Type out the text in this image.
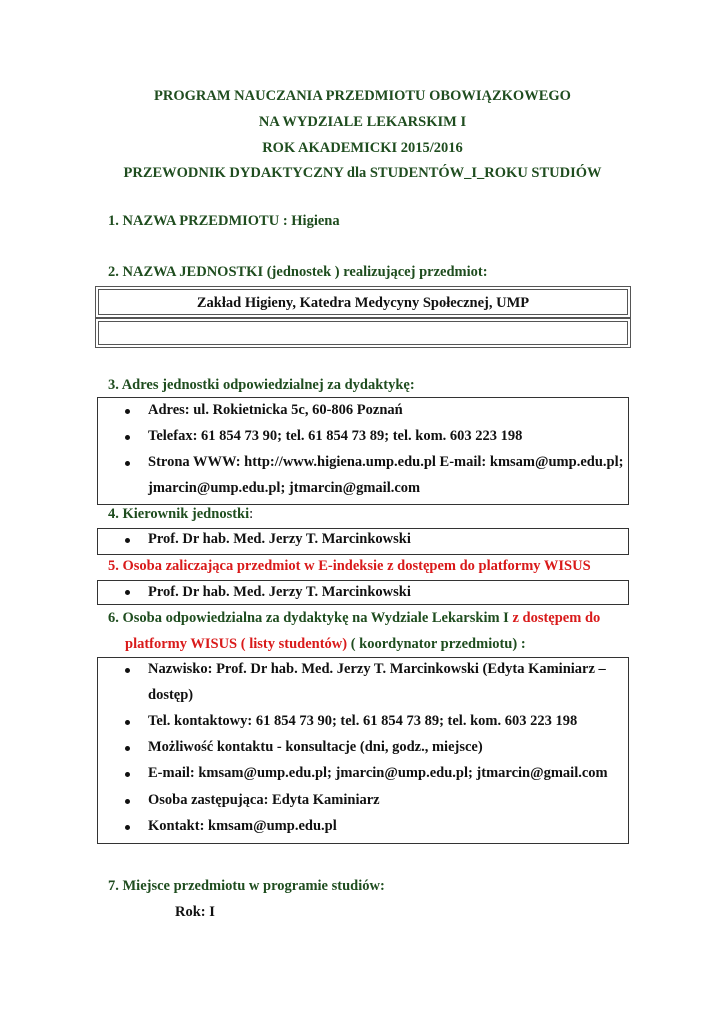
PROGRAM NAUCZANIA PRZEDMIOTU OBOWIĄZKOWEGO
NA WYDZIALE LEKARSKIM I
ROK AKADEMICKI 2015/2016
PRZEWODNIK DYDAKTYCZNY dla STUDENTÓW_I_ROKU STUDIÓW
1. NAZWA PRZEDMIOTU : Higiena
2. NAZWA JEDNOSTKI (jednostek ) realizującej przedmiot:
Zakład Higieny, Katedra Medycyny Społecznej, UMP
3. Adres jednostki odpowiedzialnej za dydaktykę:
Adres: ul. Rokietnicka 5c, 60-806 Poznań
Telefax: 61 854 73 90; tel. 61 854 73 89; tel. kom. 603 223 198
Strona WWW: http://www.higiena.ump.edu.pl E-mail: kmsam@ump.edu.pl;
jmarcin@ump.edu.pl; jtmarcin@gmail.com
4. Kierownik jednostki:
Prof. Dr hab. Med. Jerzy T. Marcinkowski
5. Osoba zaliczająca przedmiot w E-indeksie z dostępem do platformy WISUS
Prof. Dr hab. Med. Jerzy T. Marcinkowski
6. Osoba odpowiedzialna za dydaktykę na Wydziale Lekarskim I z dostępem do
platformy WISUS ( listy studentów) ( koordynator przedmiotu) :
Nazwisko: Prof. Dr hab. Med. Jerzy T. Marcinkowski (Edyta Kaminiarz –
dostęp)
Tel. kontaktowy: 61 854 73 90; tel. 61 854 73 89; tel. kom. 603 223 198
Możliwość kontaktu - konsultacje (dni, godz., miejsce)
E-mail: kmsam@ump.edu.pl; jmarcin@ump.edu.pl; jtmarcin@gmail.com
Osoba zastępująca: Edyta Kaminiarz
Kontakt: kmsam@ump.edu.pl
7. Miejsce przedmiotu w programie studiów:
Rok: I
